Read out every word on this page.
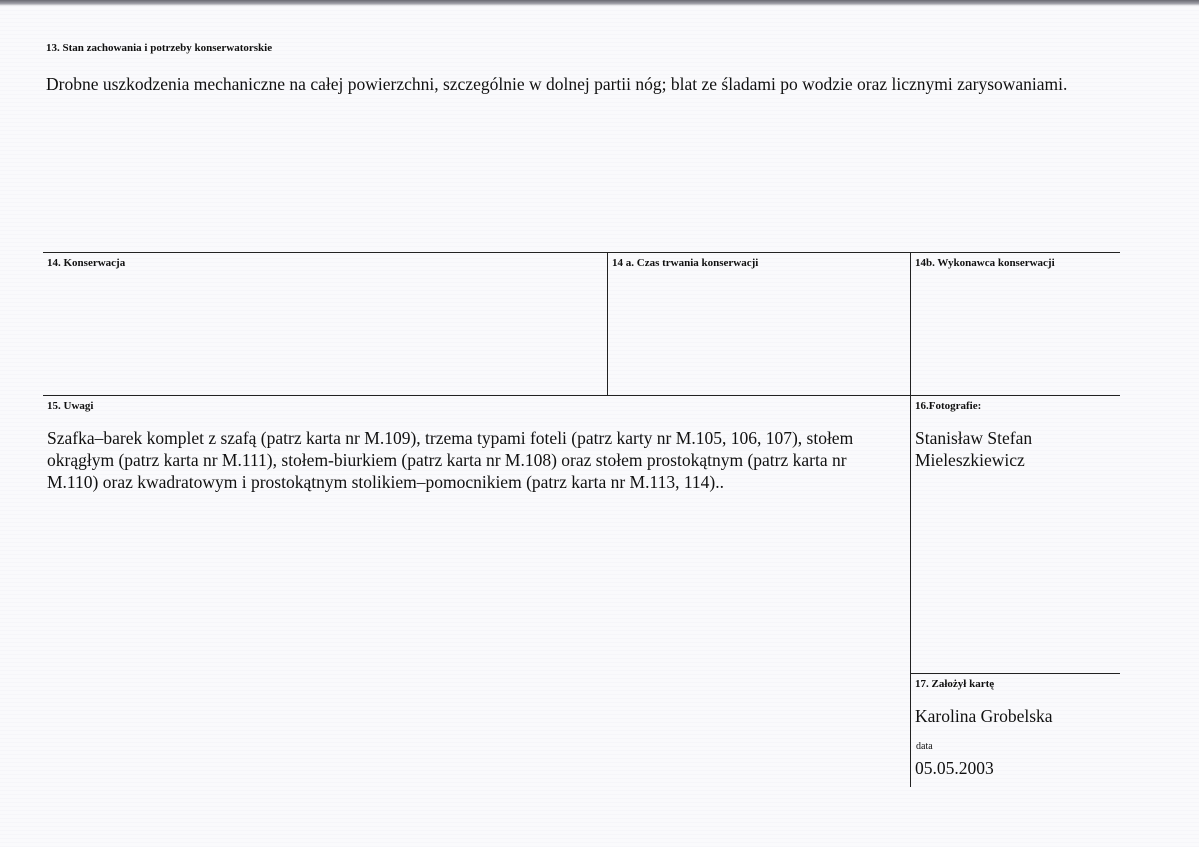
13. Stan zachowania i potrzeby konserwatorskie
Drobne uszkodzenia mechaniczne na całej powierzchni, szczególnie w dolnej partii nóg; blat ze śladami po wodzie oraz licznymi zarysowaniami.
14. Konserwacja	14 a. Czas trwania konserwacji	14b. Wykonawca konserwacji
15. Uwagi
Szafka–barek komplet z szafą (patrz karta nr M.109), trzema typami foteli (patrz karty nr M.105, 106, 107), stołem okrągłym (patrz karta nr M.111), stołem-biurkiem (patrz karta nr M.108) oraz stołem prostokątnym (patrz karta nr M.110) oraz kwadratowym i prostokątnym stolikiem–pomocnikiem (patrz karta nr M.113, 114)..
16.Fotografie:
Stanisław Stefan Mieleszkiewicz
17. Założył kartę
Karolina Grobelska
data
05.05.2003
